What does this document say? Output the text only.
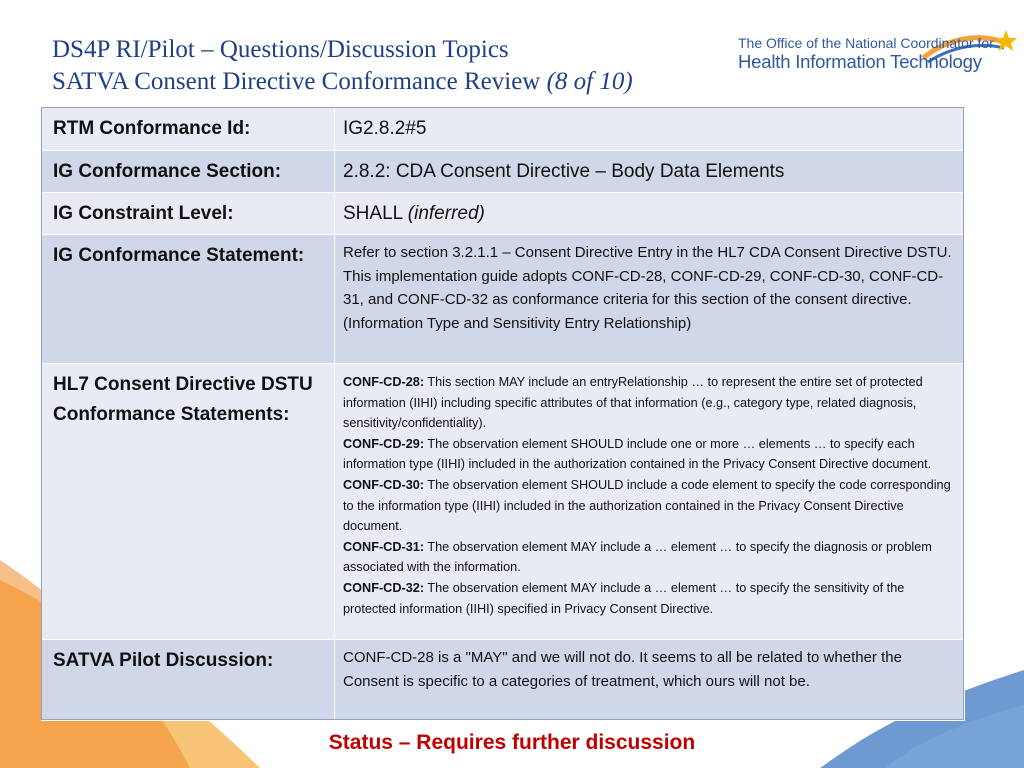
DS4P RI/Pilot – Questions/Discussion Topics
SATVA Consent Directive Conformance Review (8 of 10)
The Office of the National Coordinator for
Health Information Technology
RTM Conformance Id:	IG2.8.2#5
IG Conformance Section:	2.8.2: CDA Consent Directive – Body Data Elements
IG Constraint Level:	SHALL (inferred)
IG Conformance Statement:	Refer to section 3.2.1.1 – Consent Directive Entry in the HL7 CDA Consent Directive DSTU. This implementation guide adopts CONF-CD-28, CONF-CD-29, CONF-CD-30, CONF-CD-31, and CONF-CD-32 as conformance criteria for this section of the consent directive. (Information Type and Sensitivity Entry Relationship)
HL7 Consent Directive DSTU Conformance Statements:	CONF-CD-28: This section MAY include an entryRelationship … to represent the entire set of protected information (IIHI) including specific attributes of that information (e.g., category type, related diagnosis, sensitivity/confidentiality).
CONF-CD-29: The observation element SHOULD include one or more … elements … to specify each information type (IIHI) included in the authorization contained in the Privacy Consent Directive document.
CONF-CD-30: The observation element SHOULD include a code element to specify the code corresponding to the information type (IIHI) included in the authorization contained in the Privacy Consent Directive document.
CONF-CD-31: The observation element MAY include a … element … to specify the diagnosis or problem associated with the information.
CONF-CD-32: The observation element MAY include a … element … to specify the sensitivity of the protected information (IIHI) specified in Privacy Consent Directive.

SATVA Pilot Discussion:	CONF-CD-28 is a "MAY" and we will not do. It seems to all be related to whether the Consent is specific to a categories of treatment, which ours will not be.
Status – Requires further discussion
